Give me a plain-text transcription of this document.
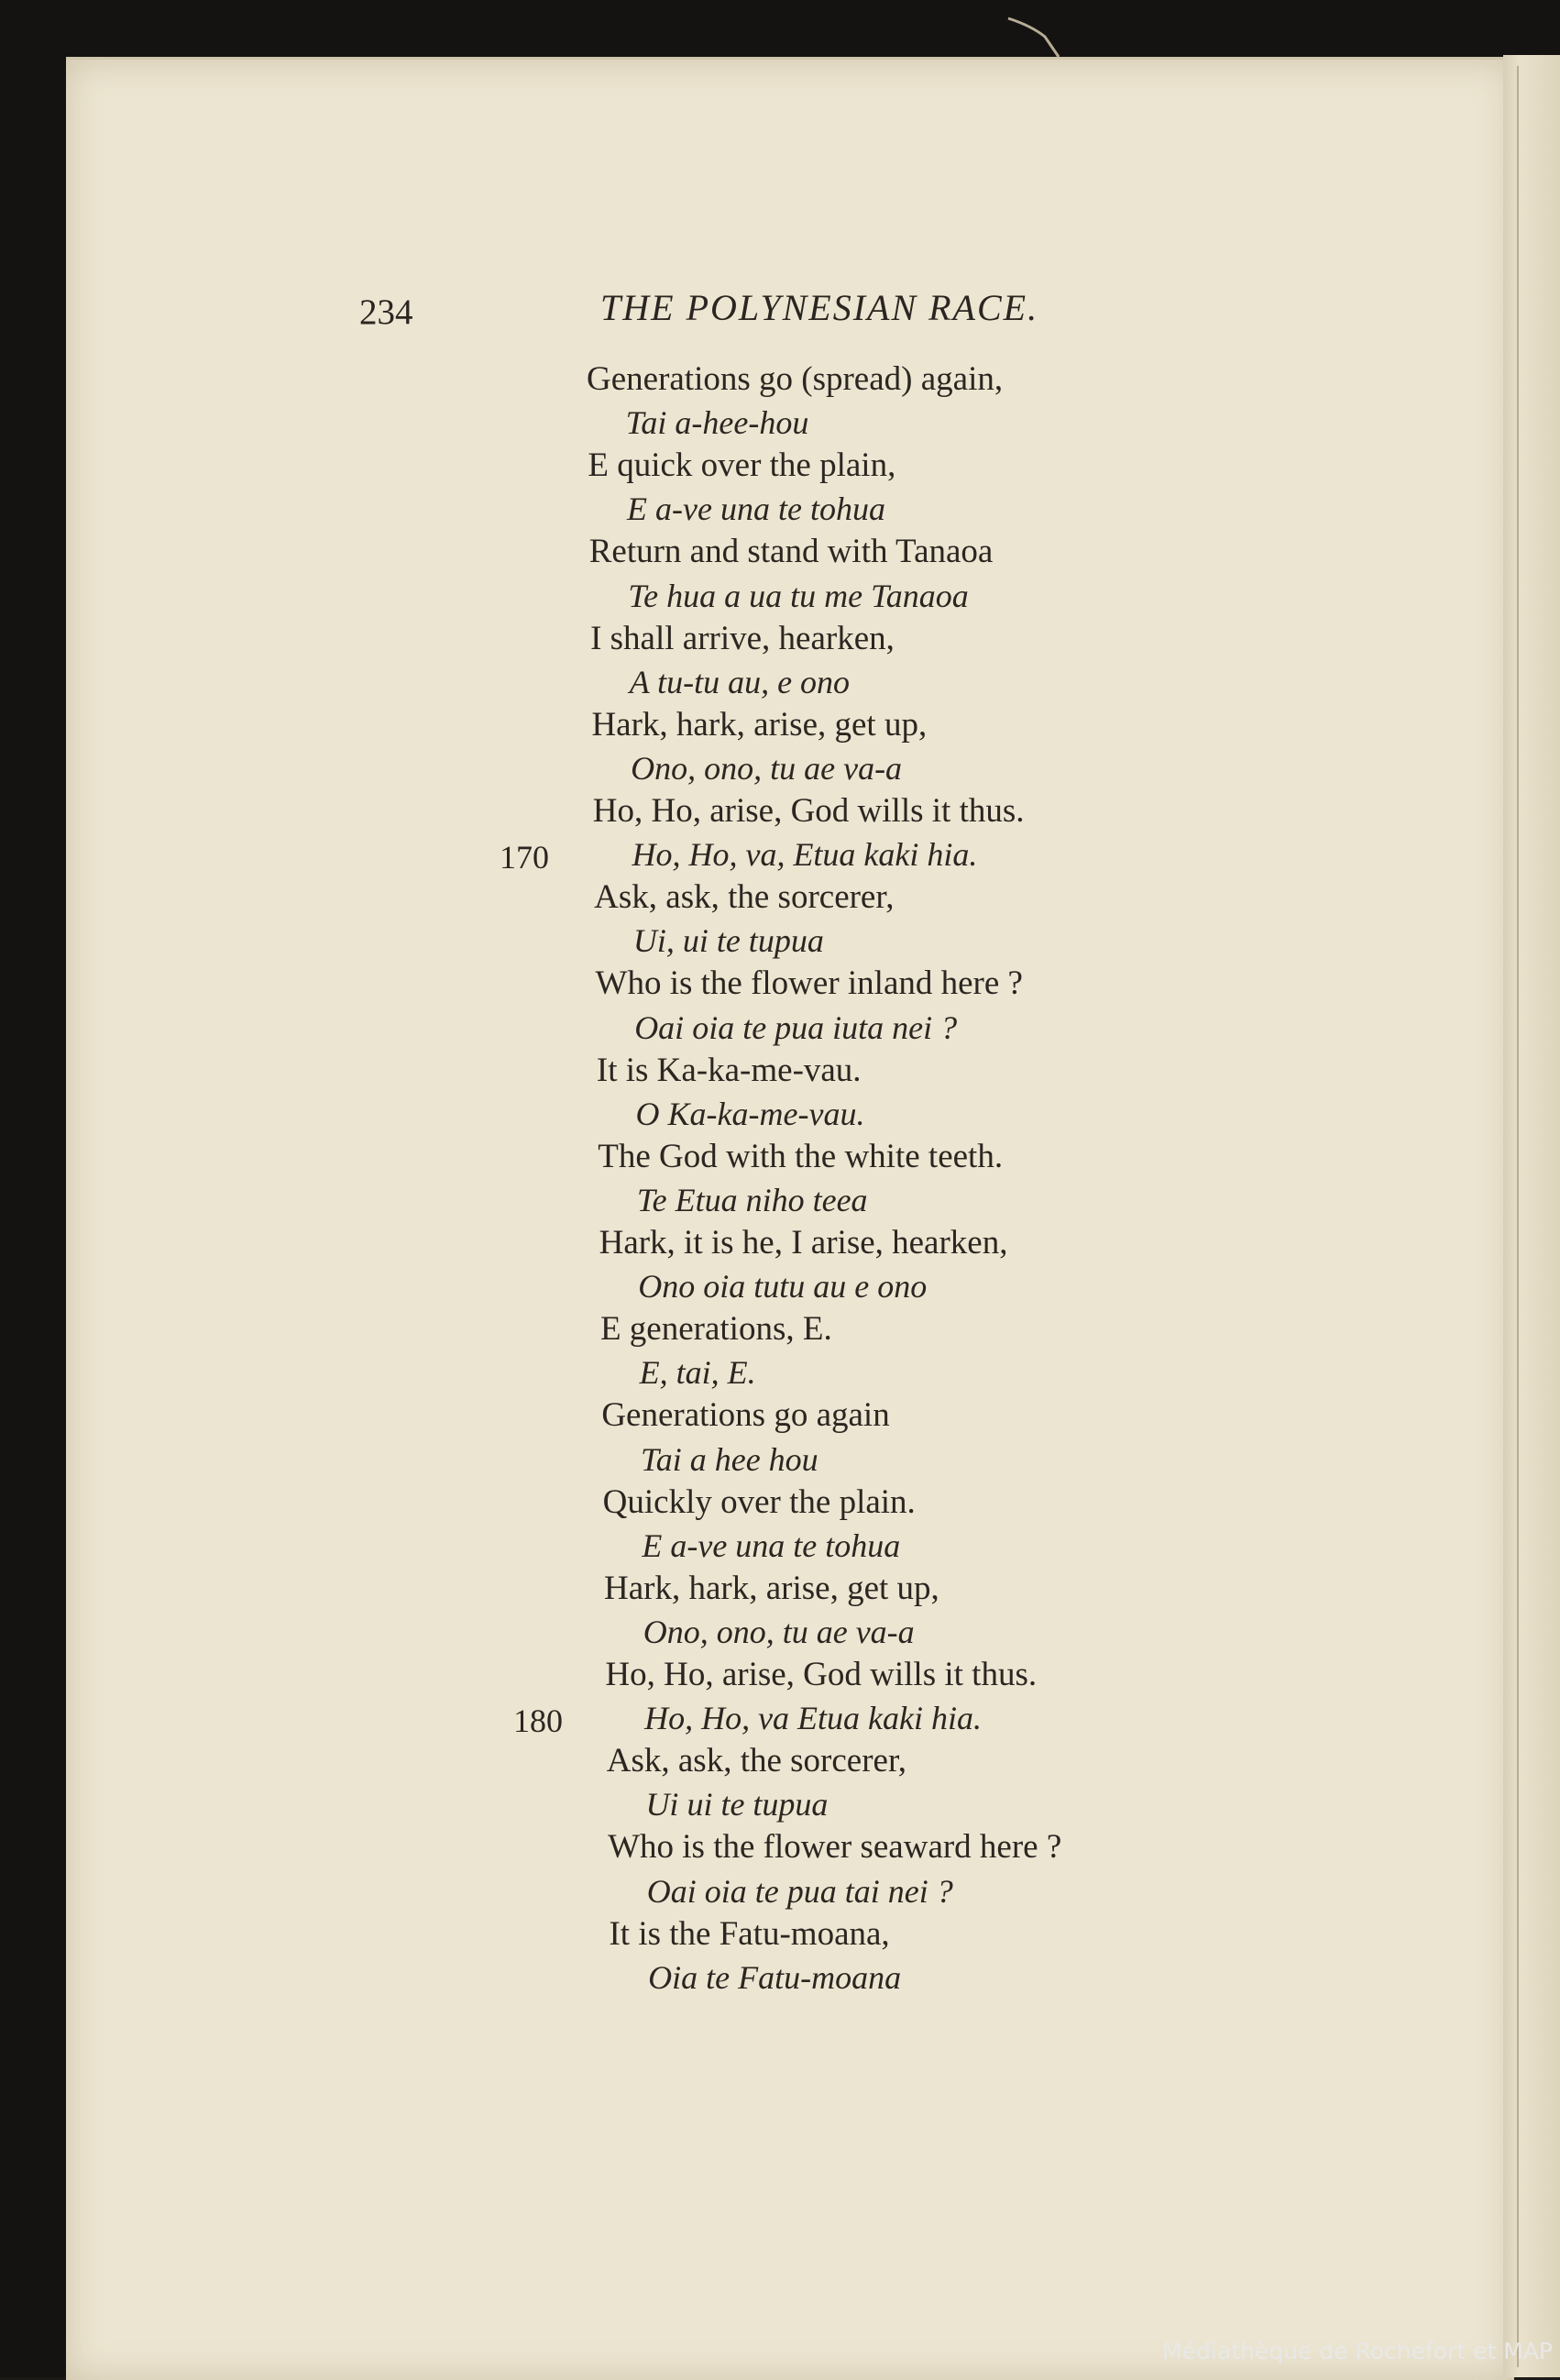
234	THE POLYNESIAN RACE.
Generations go (spread) again,
Tai a-hee-hou
E quick over the plain,
E a-ve una te tohua
Return and stand with Tanaoa
Te hua a ua tu me Tanaoa
I shall arrive, hearken,
A tu-tu au, e ono
Hark, hark, arise, get up,
Ono, ono, tu ae va-a
Ho, Ho, arise, God wills it thus.
Ho, Ho, va, Etua kaki hia.
Ask, ask, the sorcerer,
Ui, ui te tupua
Who is the flower inland here ?
Oai oia te pua iuta nei ?
It is Ka-ka-me-vau.
O Ka-ka-me-vau.
The God with the white teeth.
Te Etua niho teea
Hark, it is he, I arise, hearken,
Ono oia tutu au e ono
E generations, E.
E, tai, E.
Generations go again
Tai a hee hou
Quickly over the plain.
E a-ve una te tohua
Hark, hark, arise, get up,
Ono, ono, tu ae va-a
Ho, Ho, arise, God wills it thus.
Ho, Ho, va Etua kaki hia.
Ask, ask, the sorcerer,
Ui ui te tupua
Who is the flower seaward here ?
Oai oia te pua tai nei ?
It is the Fatu-moana,
Oia te Fatu-moana
170
180
Médiathèque de Rochefort et MAP
